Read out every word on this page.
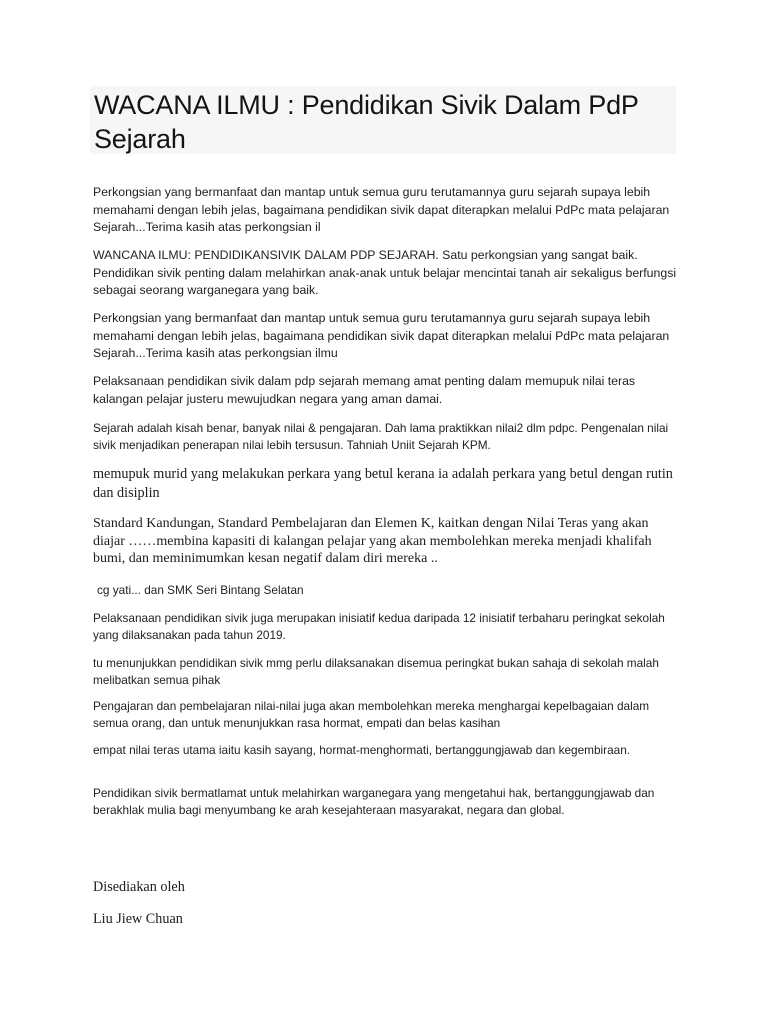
WACANA ILMU : Pendidikan Sivik Dalam PdP Sejarah

Perkongsian yang bermanfaat dan mantap untuk semua guru terutamannya guru sejarah supaya lebih memahami dengan lebih jelas, bagaimana pendidikan sivik dapat diterapkan melalui PdPc mata pelajaran Sejarah...Terima kasih atas perkongsian il

WANCANA ILMU: PENDIDIKANSIVIK DALAM PDP SEJARAH. Satu perkongsian yang sangat baik. Pendidikan sivik penting dalam melahirkan anak-anak untuk belajar mencintai tanah air sekaligus berfungsi sebagai seorang warganegara yang baik.

Perkongsian yang bermanfaat dan mantap untuk semua guru terutamannya guru sejarah supaya lebih memahami dengan lebih jelas, bagaimana pendidikan sivik dapat diterapkan melalui PdPc mata pelajaran Sejarah...Terima kasih atas perkongsian ilmu

Pelaksanaan pendidikan sivik dalam pdp sejarah memang amat penting dalam memupuk nilai teras kalangan pelajar justeru mewujudkan negara yang aman damai.

Sejarah adalah kisah benar, banyak nilai & pengajaran. Dah lama praktikkan nilai2 dlm pdpc. Pengenalan nilai sivik menjadikan penerapan nilai lebih tersusun. Tahniah Uniit Sejarah KPM.

memupuk murid yang melakukan perkara yang betul kerana ia adalah perkara yang betul dengan rutin dan disiplin

Standard Kandungan, Standard Pembelajaran dan Elemen K, kaitkan dengan Nilai Teras yang akan diajar ……membina kapasiti di kalangan pelajar yang akan membolehkan mereka menjadi khalifah bumi, dan meminimumkan kesan negatif dalam diri mereka ..

cg yati... dan SMK Seri Bintang Selatan

Pelaksanaan pendidikan sivik juga merupakan inisiatif kedua daripada 12 inisiatif terbaharu peringkat sekolah yang dilaksanakan pada tahun 2019.

tu menunjukkan pendidikan sivik mmg perlu dilaksanakan disemua peringkat bukan sahaja di sekolah malah melibatkan semua pihak

Pengajaran dan pembelajaran nilai-nilai juga akan membolehkan mereka menghargai kepelbagaian dalam semua orang, dan untuk menunjukkan rasa hormat, empati dan belas kasihan

empat nilai teras utama iaitu kasih sayang, hormat-menghormati, bertanggungjawab dan kegembiraan.

Pendidikan sivik bermatlamat untuk melahirkan warganegara yang mengetahui hak, bertanggungjawab dan berakhlak mulia bagi menyumbang ke arah kesejahteraan masyarakat, negara dan global.

Disediakan oleh

Liu Jiew Chuan
